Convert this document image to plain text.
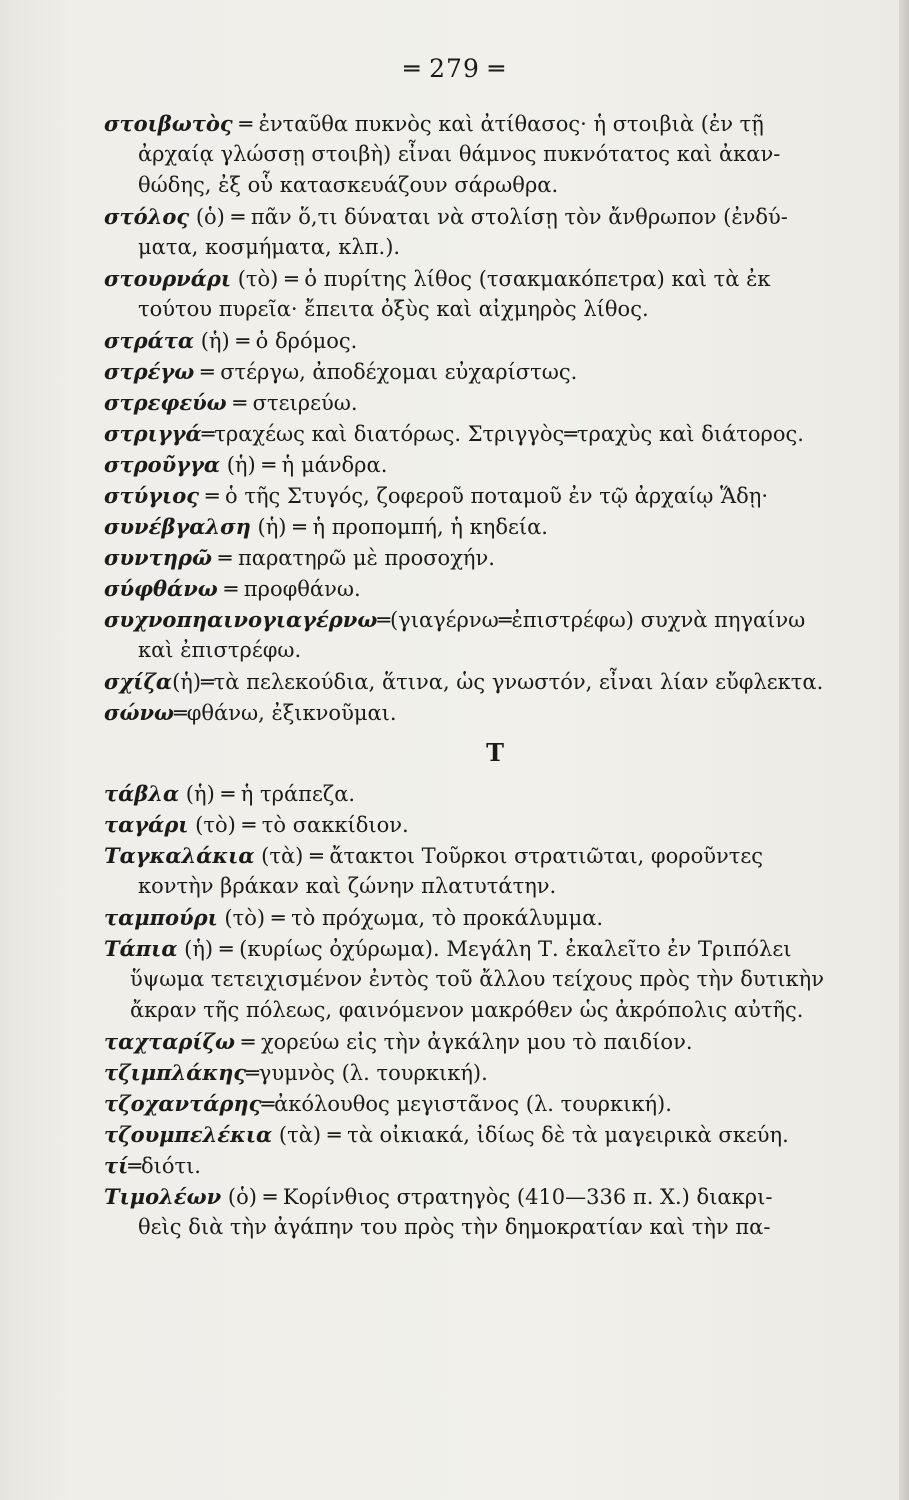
═ 279 ═
στοιβωτὸς ═ ἐνταῦθα πυκνὸς καὶ ἀτίθασος· ἡ στοιβιὰ (ἐν τῇ
ἀρχαίᾳ γλώσσῃ στοιβὴ) εἶναι θάμνος πυκνότατος καὶ ἀκαν-
θώδης, ἐξ οὗ κατασκευάζουν σάρωθρα.
στόλος (ὁ) ═ πᾶν ὅ,τι δύναται νὰ στολίσῃ τὸν ἄνθρωπον (ἐνδύ-
ματα, κοσμήματα, κλπ.).
στουρνάρι (τὸ) ═ ὁ πυρίτης λίθος (τσακμακόπετρα) καὶ τὰ ἐκ
τούτου πυρεῖα· ἔπειτα ὀξὺς καὶ αἰχμηρὸς λίθος.
στράτα (ἡ) ═ ὁ δρόμος.
στρέγω ═ στέργω, ἀποδέχομαι εὐχαρίστως.
στρεφεύω ═ στειρεύω.
στριγγά═τραχέως καὶ διατόρως. Στριγγὸς═τραχὺς καὶ διάτορος.
στροῦγγα (ἡ) ═ ἡ μάνδρα.
στύγιος ═ ὁ τῆς Στυγός, ζοφεροῦ ποταμοῦ ἐν τῷ ἀρχαίῳ Ἅδῃ·
συνέβγαλση (ἡ) ═ ἡ προπομπή, ἡ κηδεία.
συντηρῶ ═ παρατηρῶ μὲ προσοχήν.
σύφθάνω ═ προφθάνω.
συχνοπηαινογιαγέρνω═(γιαγέρνω═ἐπιστρέφω) συχνὰ πηγαίνω
καὶ ἐπιστρέφω.
σχίζα(ἡ)═τὰ πελεκούδια, ἅτινα, ὡς γνωστόν, εἶναι λίαν εὔφλεκτα.
σώνω═φθάνω, ἐξικνοῦμαι.
Τ
τάβλα (ἡ) ═ ἡ τράπεζα.
ταγάρι (τὸ) ═ τὸ σακκίδιον.
Ταγκαλάκια (τὰ) ═ ἄτακτοι Τοῦρκοι στρατιῶται, φοροῦντες
κοντὴν βράκαν καὶ ζώνην πλατυτάτην.
ταμπούρι (τὸ) ═ τὸ πρόχωμα, τὸ προκάλυμμα.
Τάπια (ἡ) ═ (κυρίως ὀχύρωμα). Μεγάλη Τ. ἐκαλεῖτο ἐν Τριπόλει
ὕψωμα τετειχισμένον ἐντὸς τοῦ ἄλλου τείχους πρὸς τὴν δυτικὴν
ἄκραν τῆς πόλεως, φαινόμενον μακρόθεν ὡς ἀκρόπολις αὐτῆς.
ταχταρίζω ═ χορεύω εἰς τὴν ἀγκάλην μου τὸ παιδίον.
τζιμπλάκης═γυμνὸς (λ. τουρκική).
τζοχαντάρης═ἀκόλουθος μεγιστᾶνος (λ. τουρκική).
τζουμπελέκια (τὰ) ═ τὰ οἰκιακά, ἰδίως δὲ τὰ μαγειρικὰ σκεύη.
τί═διότι.
Τιμολέων (ὁ) ═ Κορίνθιος στρατηγὸς (410—336 π. Χ.) διακρι-
θεὶς διὰ τὴν ἀγάπην του πρὸς τὴν δημοκρατίαν καὶ τὴν πα-
